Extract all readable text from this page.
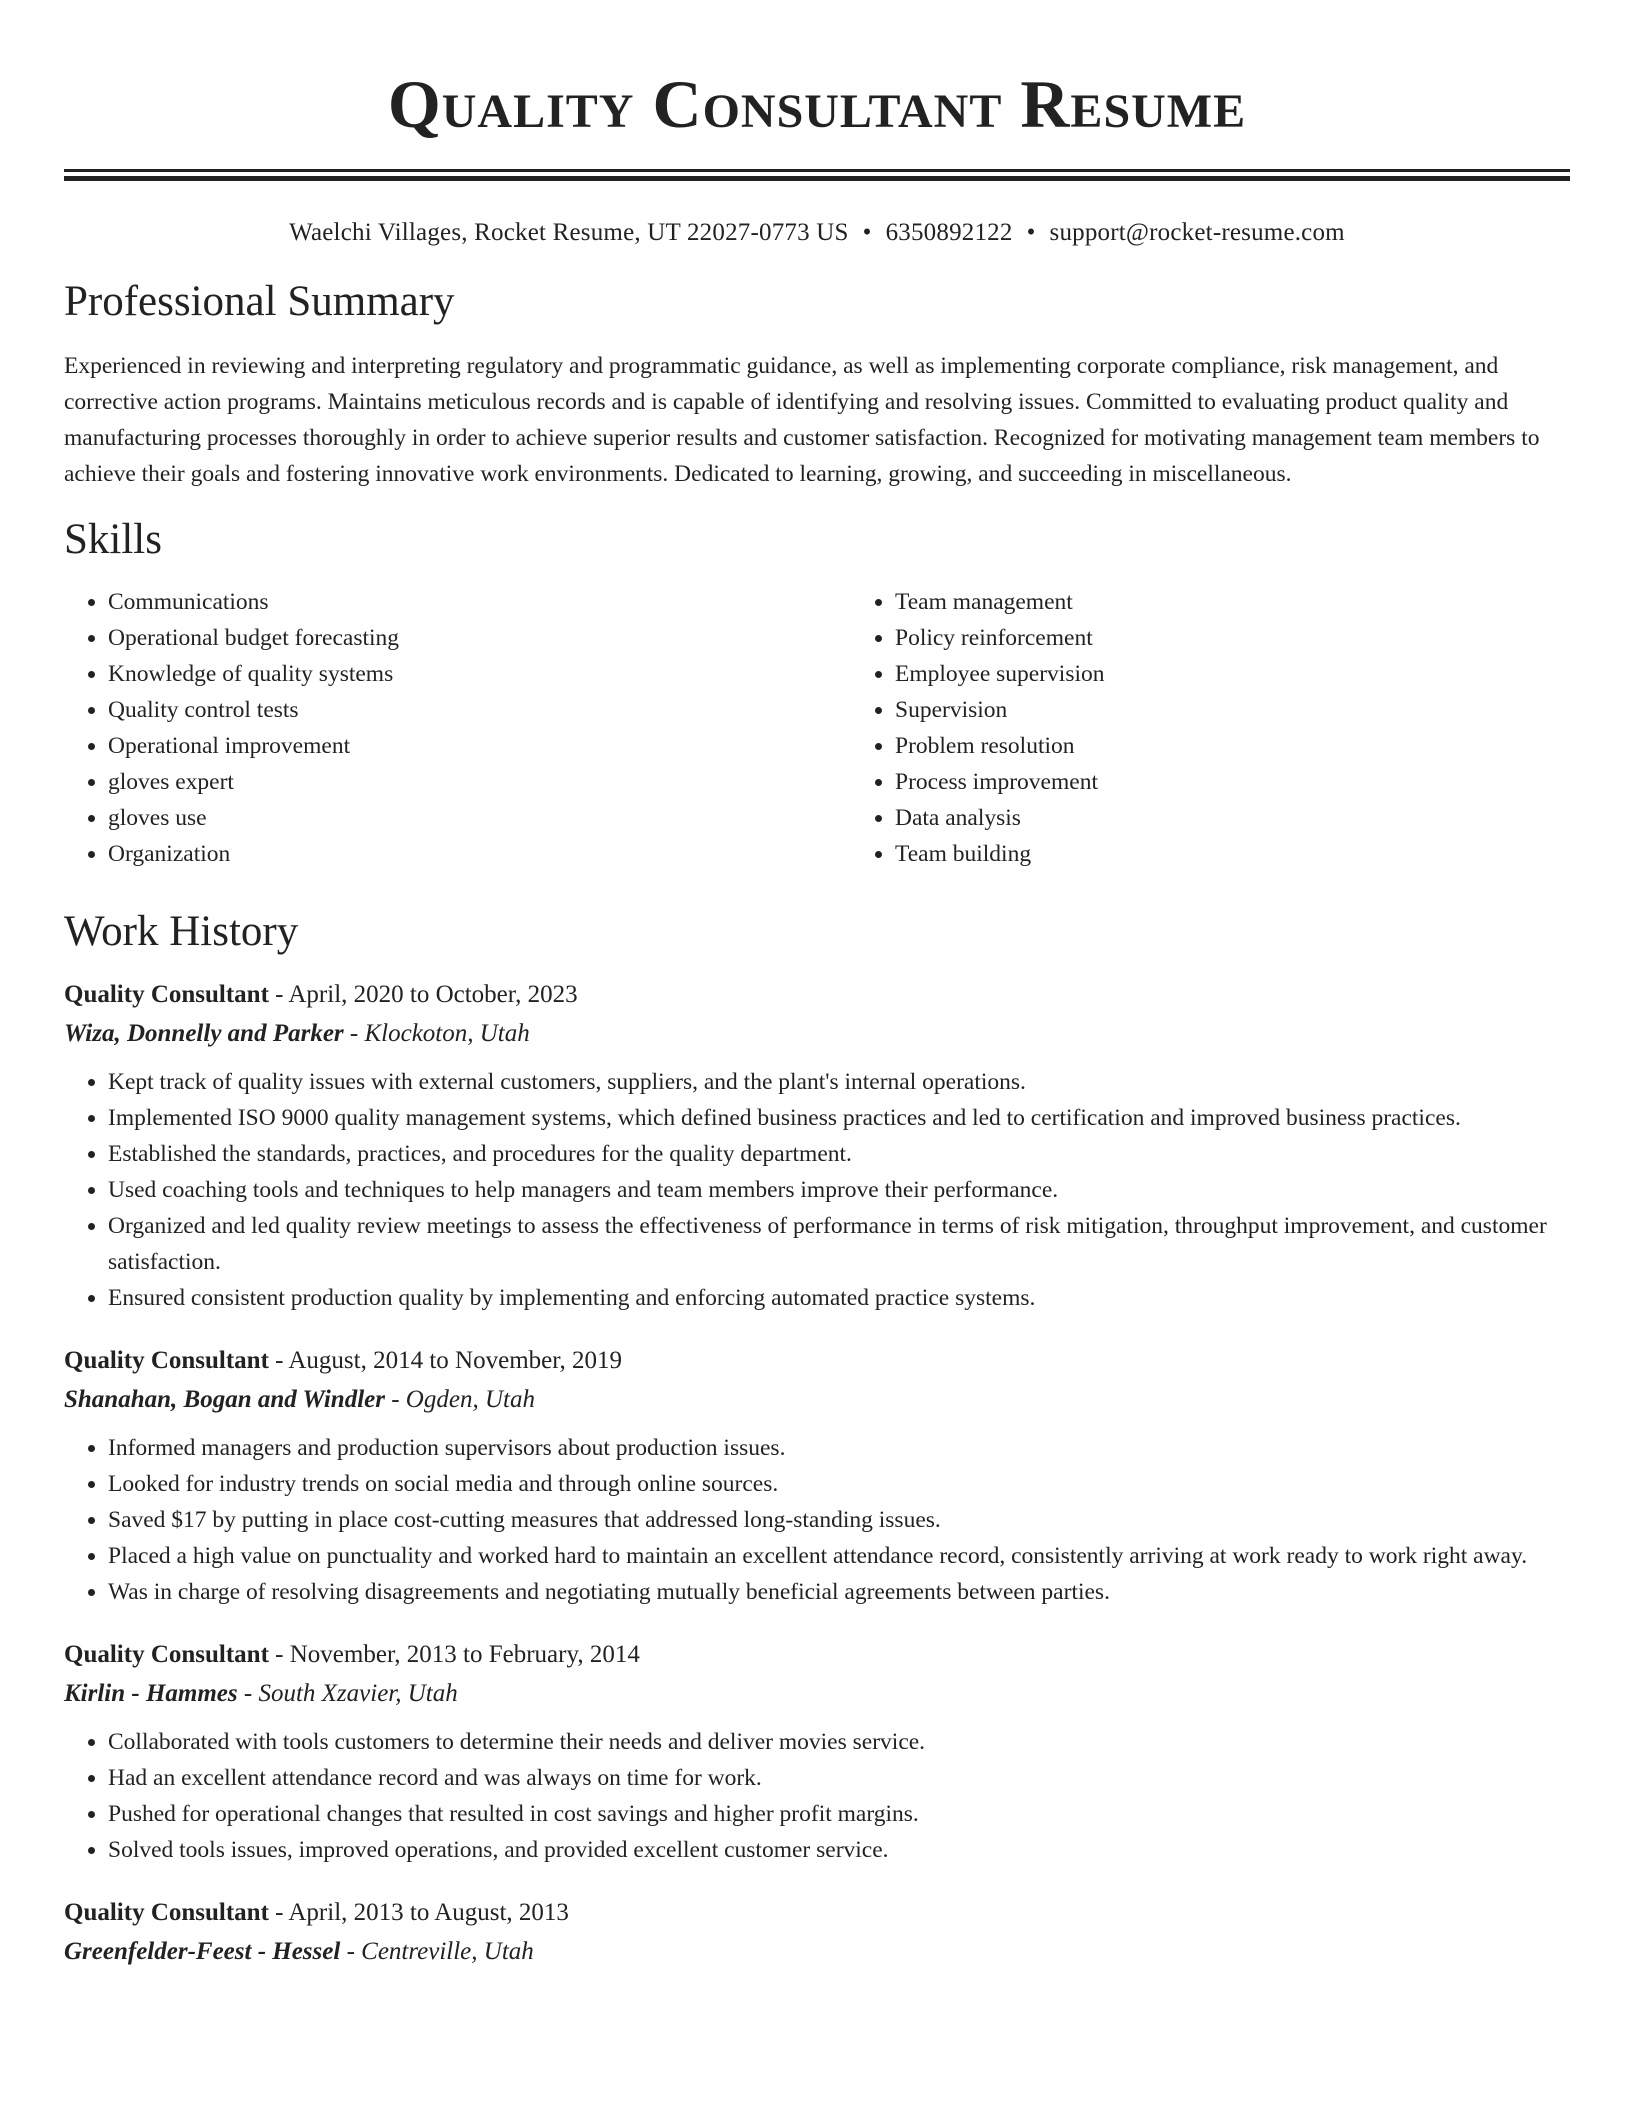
Quality Consultant Resume
Waelchi Villages, Rocket Resume, UT 22027-0773 US • 6350892122 • support@rocket-resume.com
Professional Summary
Experienced in reviewing and interpreting regulatory and programmatic guidance, as well as implementing corporate compliance, risk management, and corrective action programs. Maintains meticulous records and is capable of identifying and resolving issues. Committed to evaluating product quality and manufacturing processes thoroughly in order to achieve superior results and customer satisfaction. Recognized for motivating management team members to achieve their goals and fostering innovative work environments. Dedicated to learning, growing, and succeeding in miscellaneous.
Skills
• Communications
• Operational budget forecasting
• Knowledge of quality systems
• Quality control tests
• Operational improvement
• gloves expert
• gloves use
• Organization
• Team management
• Policy reinforcement
• Employee supervision
• Supervision
• Problem resolution
• Process improvement
• Data analysis
• Team building
Work History
Quality Consultant - April, 2020 to October, 2023
Wiza, Donnelly and Parker - Klockoton, Utah
• Kept track of quality issues with external customers, suppliers, and the plant's internal operations.
• Implemented ISO 9000 quality management systems, which defined business practices and led to certification and improved business practices.
• Established the standards, practices, and procedures for the quality department.
• Used coaching tools and techniques to help managers and team members improve their performance.
• Organized and led quality review meetings to assess the effectiveness of performance in terms of risk mitigation, throughput improvement, and customer satisfaction.
• Ensured consistent production quality by implementing and enforcing automated practice systems.
Quality Consultant - August, 2014 to November, 2019
Shanahan, Bogan and Windler - Ogden, Utah
• Informed managers and production supervisors about production issues.
• Looked for industry trends on social media and through online sources.
• Saved $17 by putting in place cost-cutting measures that addressed long-standing issues.
• Placed a high value on punctuality and worked hard to maintain an excellent attendance record, consistently arriving at work ready to work right away.
• Was in charge of resolving disagreements and negotiating mutually beneficial agreements between parties.
Quality Consultant - November, 2013 to February, 2014
Kirlin - Hammes - South Xzavier, Utah
• Collaborated with tools customers to determine their needs and deliver movies service.
• Had an excellent attendance record and was always on time for work.
• Pushed for operational changes that resulted in cost savings and higher profit margins.
• Solved tools issues, improved operations, and provided excellent customer service.
Quality Consultant - April, 2013 to August, 2013
Greenfelder-Feest - Hessel - Centreville, Utah
